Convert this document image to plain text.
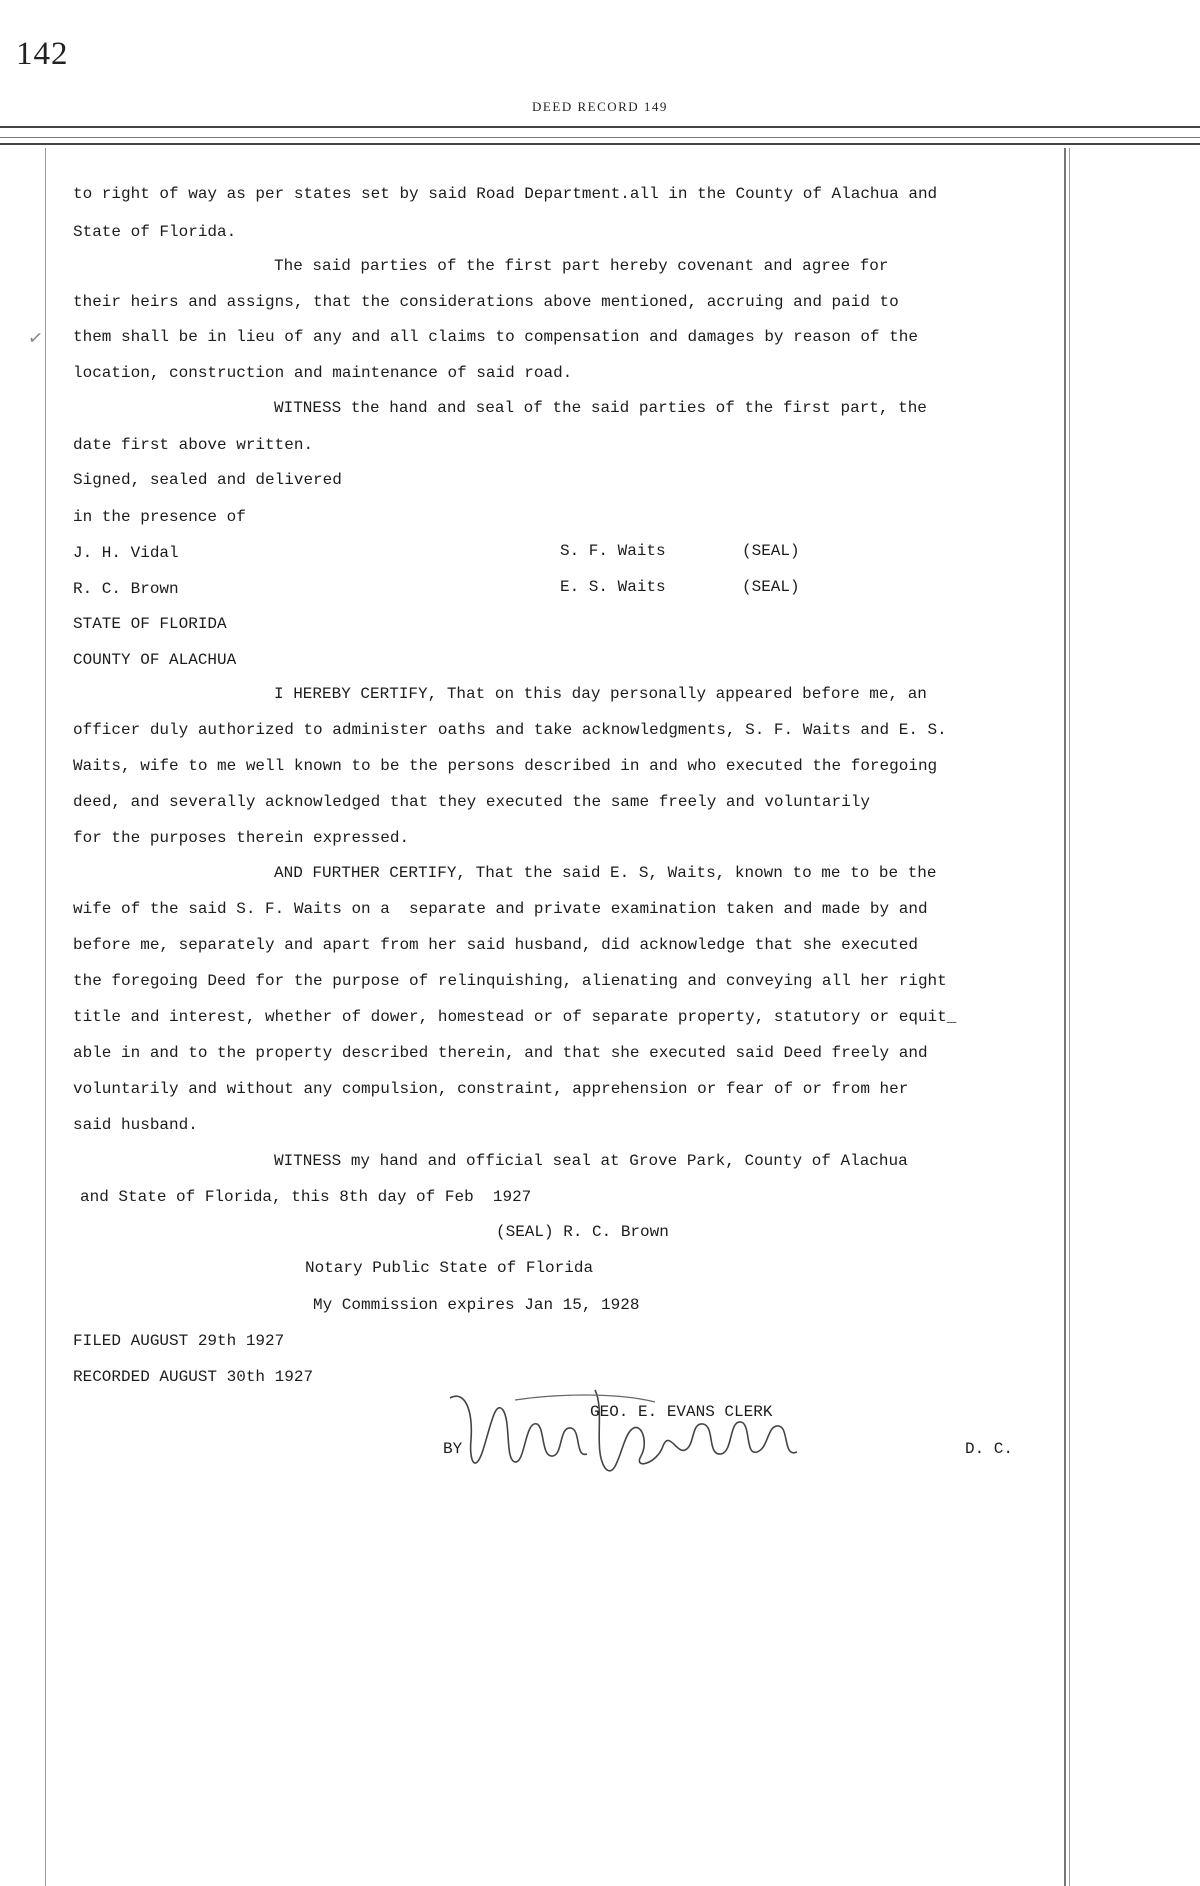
142
DEED RECORD 149
✓
to right of way as per states set by said Road Department.all in the County of Alachua and
State of Florida.
The said parties of the first part hereby covenant and agree for
their heirs and assigns, that the considerations above mentioned, accruing and paid to
them shall be in lieu of any and all claims to compensation and damages by reason of the
location, construction and maintenance of said road.
WITNESS the hand and seal of the said parties of the first part, the
date first above written.
Signed, sealed and delivered
in the presence of
J. H. Vidal	S. F. Waits	(SEAL)
R. C. Brown	E. S. Waits	(SEAL)
STATE OF FLORIDA
COUNTY OF ALACHUA
I HEREBY CERTIFY, That on this day personally appeared before me, an
officer duly authorized to administer oaths and take acknowledgments, S. F. Waits and E. S.
Waits, wife to me well known to be the persons described in and who executed the foregoing
deed, and severally acknowledged that they executed the same freely and voluntarily
for the purposes therein expressed.
AND FURTHER CERTIFY, That the said E. S, Waits, known to me to be the
wife of the said S. F. Waits on a  separate and private examination taken and made by and
before me, separately and apart from her said husband, did acknowledge that she executed
the foregoing Deed for the purpose of relinquishing, alienating and conveying all her right
title and interest, whether of dower, homestead or of separate property, statutory or equit_
able in and to the property described therein, and that she executed said Deed freely and
voluntarily and without any compulsion, constraint, apprehension or fear of or from her
said husband.
WITNESS my hand and official seal at Grove Park, County of Alachua
and State of Florida, this 8th day of Feb  1927
(SEAL) R. C. Brown
Notary Public State of Florida
My Commission expires Jan 15, 1928
FILED AUGUST 29th 1927
RECORDED AUGUST 30th 1927
GEO. E. EVANS CLERK
BY	D. C.
